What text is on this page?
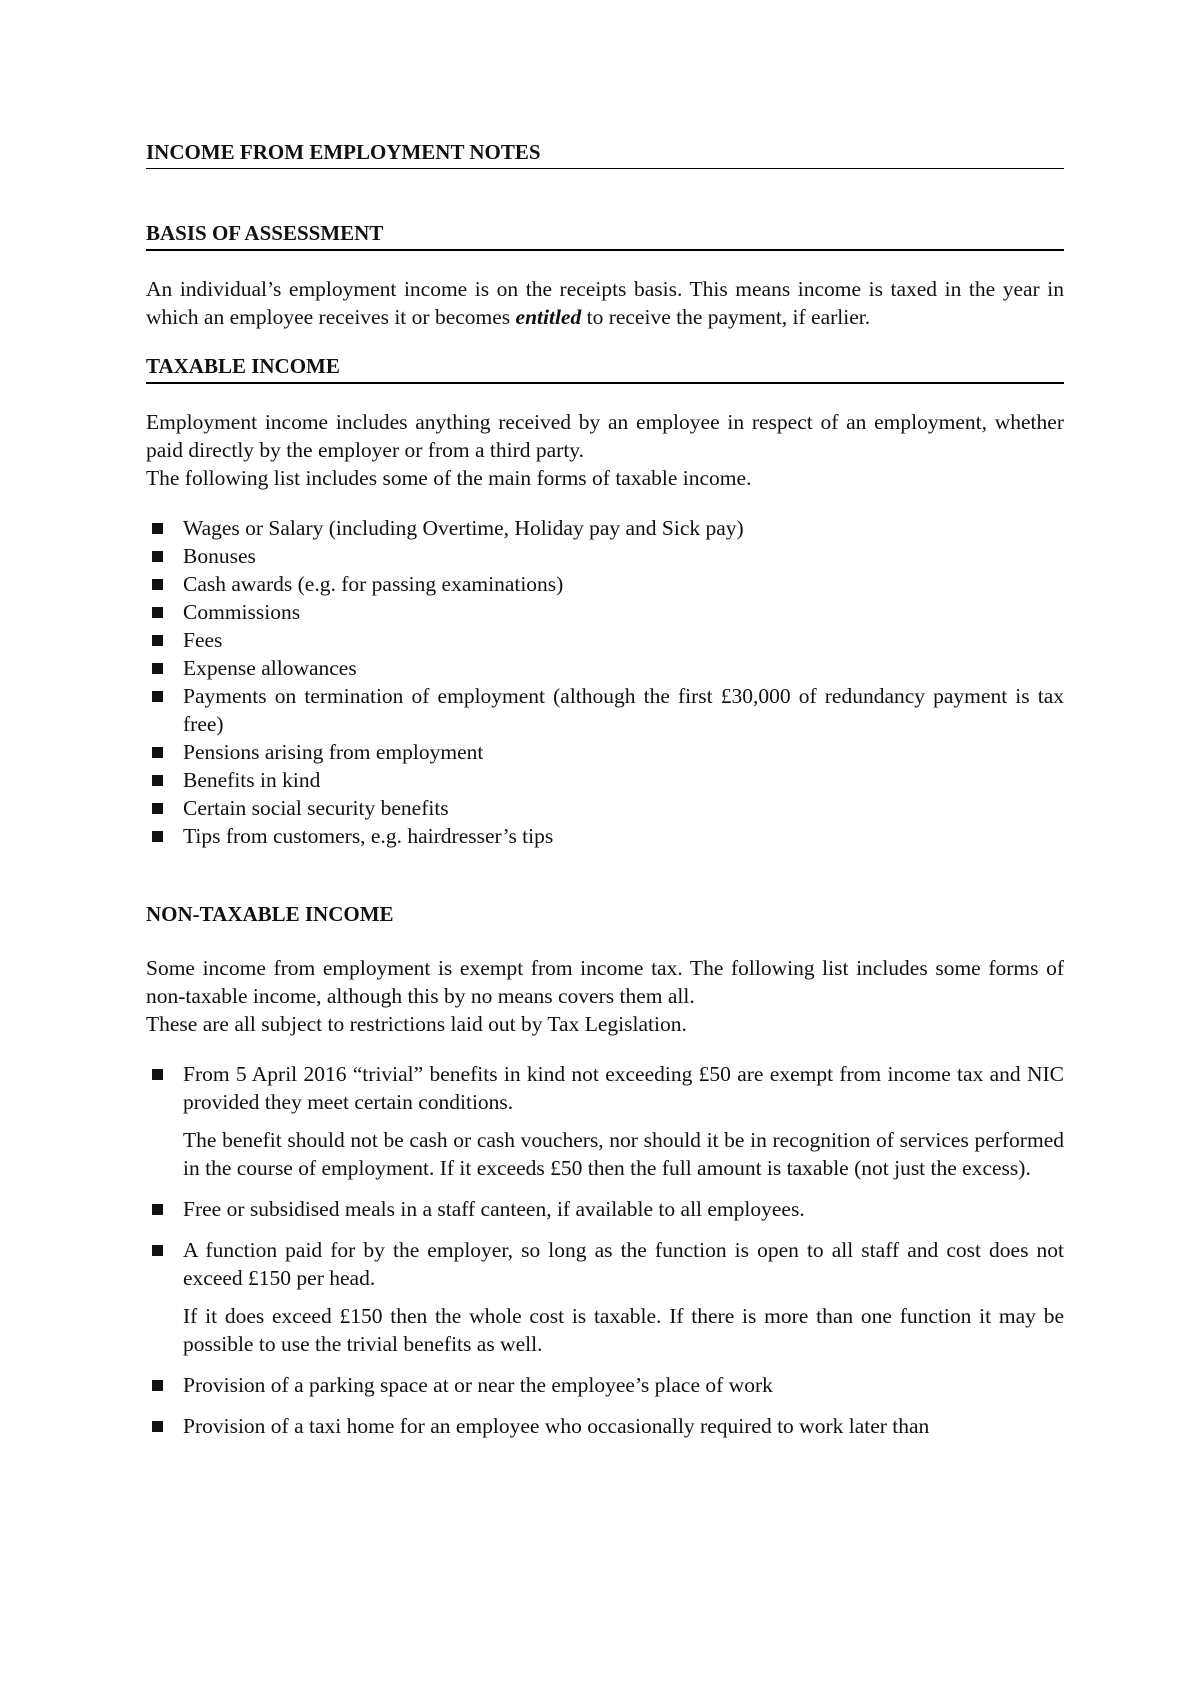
INCOME FROM EMPLOYMENT NOTES
BASIS OF ASSESSMENT

An individual’s employment income is on the receipts basis. This means income is taxed in the year in which an employee receives it or becomes entitled to receive the payment, if earlier.

TAXABLE INCOME

Employment income includes anything received by an employee in respect of an employment, whether paid directly by the employer or from a third party.

The following list includes some of the main forms of taxable income.

Wages or Salary (including Overtime, Holiday pay and Sick pay)
Bonuses
Cash awards (e.g. for passing examinations)
Commissions
Fees
Expense allowances
Payments on termination of employment (although the first £30,000 of redundancy payment is tax free)
Pensions arising from employment
Benefits in kind
Certain social security benefits
Tips from customers, e.g. hairdresser’s tips
NON-TAXABLE INCOME

Some income from employment is exempt from income tax. The following list includes some forms of non-taxable income, although this by no means covers them all.

These are all subject to restrictions laid out by Tax Legislation.

From 5 April 2016 “trivial” benefits in kind not exceeding £50 are exempt from income tax and NIC provided they meet certain conditions.

The benefit should not be cash or cash vouchers, nor should it be in recognition of services performed in the course of employment. If it exceeds £50 then the full amount is taxable (not just the excess).

Free or subsidised meals in a staff canteen, if available to all employees.

A function paid for by the employer, so long as the function is open to all staff and cost does not exceed £150 per head.

If it does exceed £150 then the whole cost is taxable. If there is more than one function it may be possible to use the trivial benefits as well.

Provision of a parking space at or near the employee’s place of work

Provision of a taxi home for an employee who occasionally required to work later than
